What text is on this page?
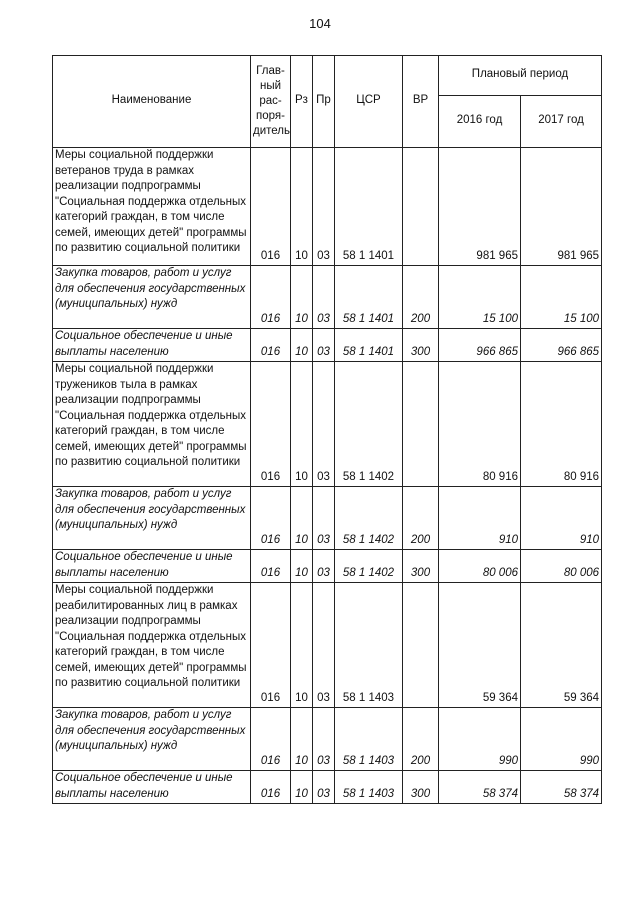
104
Наименование	Глав-
ный
рас-
поря-
дитель	Рз	Пр	ЦСР	ВР	Плановый период	
						2016 год	2017 год
Меры социальной поддержки ветеранов труда в рамках реализации подпрограммы "Социальная поддержка отдельных категорий граждан, в том числе семей, имеющих детей" программы по развитию социальной политики	016	10	03	58 1 1401		981 965	981 965
Закупка товаров, работ и услуг для обеспечения государственных (муниципальных) нужд	016	10	03	58 1 1401	200	15 100	15 100
Социальное обеспечение и иные выплаты населению	016	10	03	58 1 1401	300	966 865	966 865
Меры социальной поддержки тружеников тыла в рамках реализации подпрограммы "Социальная поддержка отдельных категорий граждан, в том числе семей, имеющих детей" программы по развитию социальной политики	016	10	03	58 1 1402		80 916	80 916
Закупка товаров, работ и услуг для обеспечения государственных (муниципальных) нужд	016	10	03	58 1 1402	200	910	910
Социальное обеспечение и иные выплаты населению	016	10	03	58 1 1402	300	80 006	80 006
Меры социальной поддержки реабилитированных лиц в рамках реализации подпрограммы "Социальная поддержка отдельных категорий граждан, в том числе семей, имеющих детей" программы по развитию социальной политики	016	10	03	58 1 1403		59 364	59 364
Закупка товаров, работ и услуг для обеспечения государственных (муниципальных) нужд	016	10	03	58 1 1403	200	990	990
Социальное обеспечение и иные выплаты населению	016	10	03	58 1 1403	300	58 374	58 374
